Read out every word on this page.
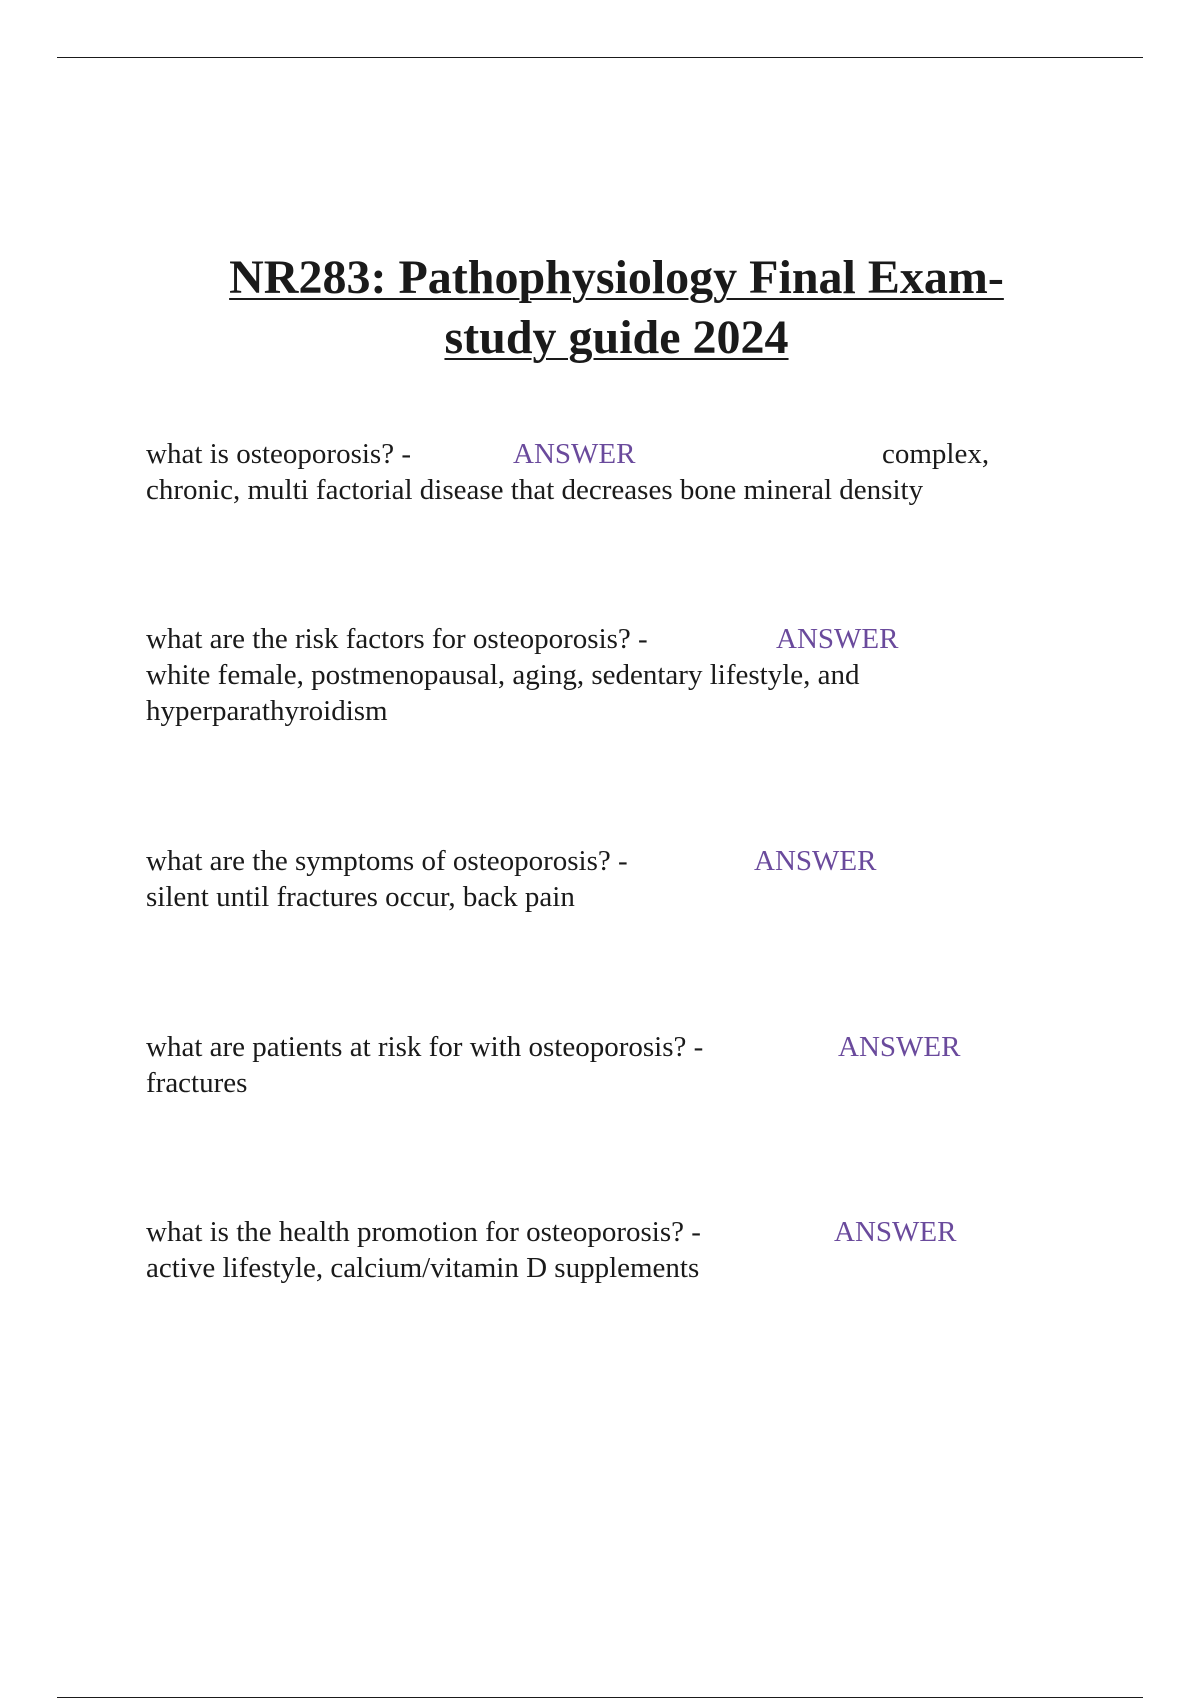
NR283: Pathophysiology Final Exam-
study guide 2024
what is osteoporosis? -	ANSWER	complex,
chronic, multi factorial disease that decreases bone mineral density
what are the risk factors for osteoporosis? -	ANSWER
white female, postmenopausal, aging, sedentary lifestyle, and
hyperparathyroidism
what are the symptoms of osteoporosis? -	ANSWER
silent until fractures occur, back pain
what are patients at risk for with osteoporosis? -	ANSWER
fractures
what is the health promotion for osteoporosis? -	ANSWER
active lifestyle, calcium/vitamin D supplements
